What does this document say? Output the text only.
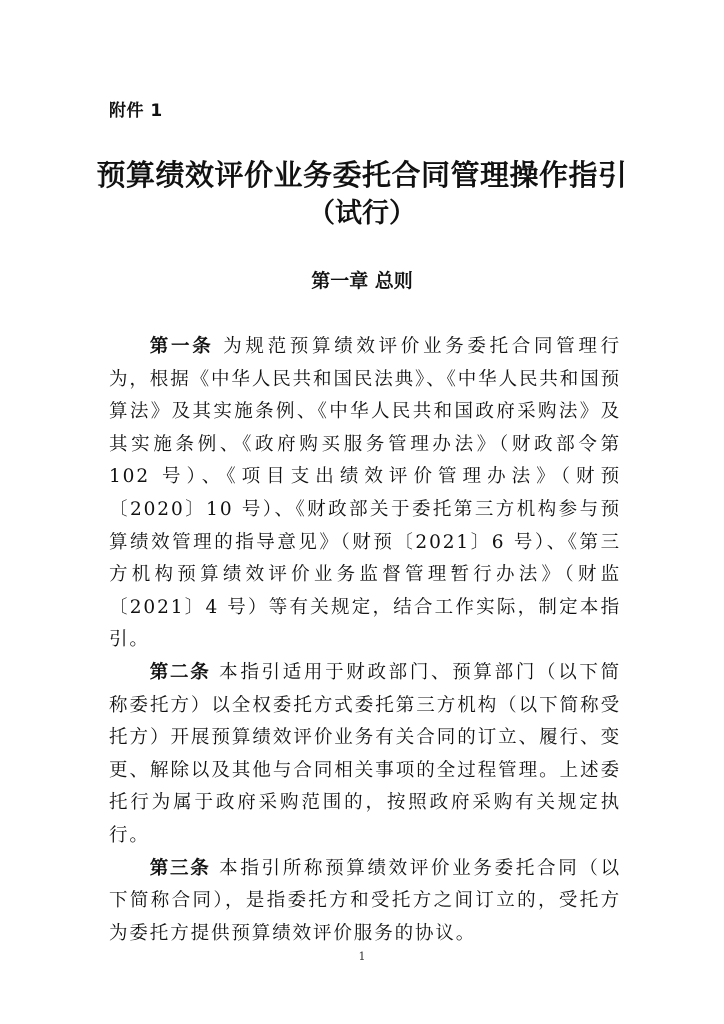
附件 1
预算绩效评价业务委托合同管理操作指引
（试行）
第一章 总则

第一条 为规范预算绩效评价业务委托合同管理行为，根据《中华人民共和国民法典》、《中华人民共和国预算法》及其实施条例、《中华人民共和国政府采购法》及其实施条例、《政府购买服务管理办法》（财政部令第 102 号）、《项目支出绩效评价管理办法》（财预〔2020〕10 号）、《财政部关于委托第三方机构参与预算绩效管理的指导意见》（财预〔2021〕6 号）、《第三方机构预算绩效评价业务监督管理暂行办法》（财监〔2021〕4 号）等有关规定，结合工作实际，制定本指引。

第二条 本指引适用于财政部门、预算部门（以下简称委托方）以全权委托方式委托第三方机构（以下简称受托方）开展预算绩效评价业务有关合同的订立、履行、变更、解除以及其他与合同相关事项的全过程管理。上述委托行为属于政府采购范围的，按照政府采购有关规定执行。

第三条 本指引所称预算绩效评价业务委托合同（以下简称合同），是指委托方和受托方之间订立的，受托方为委托方提供预算绩效评价服务的协议。

1
